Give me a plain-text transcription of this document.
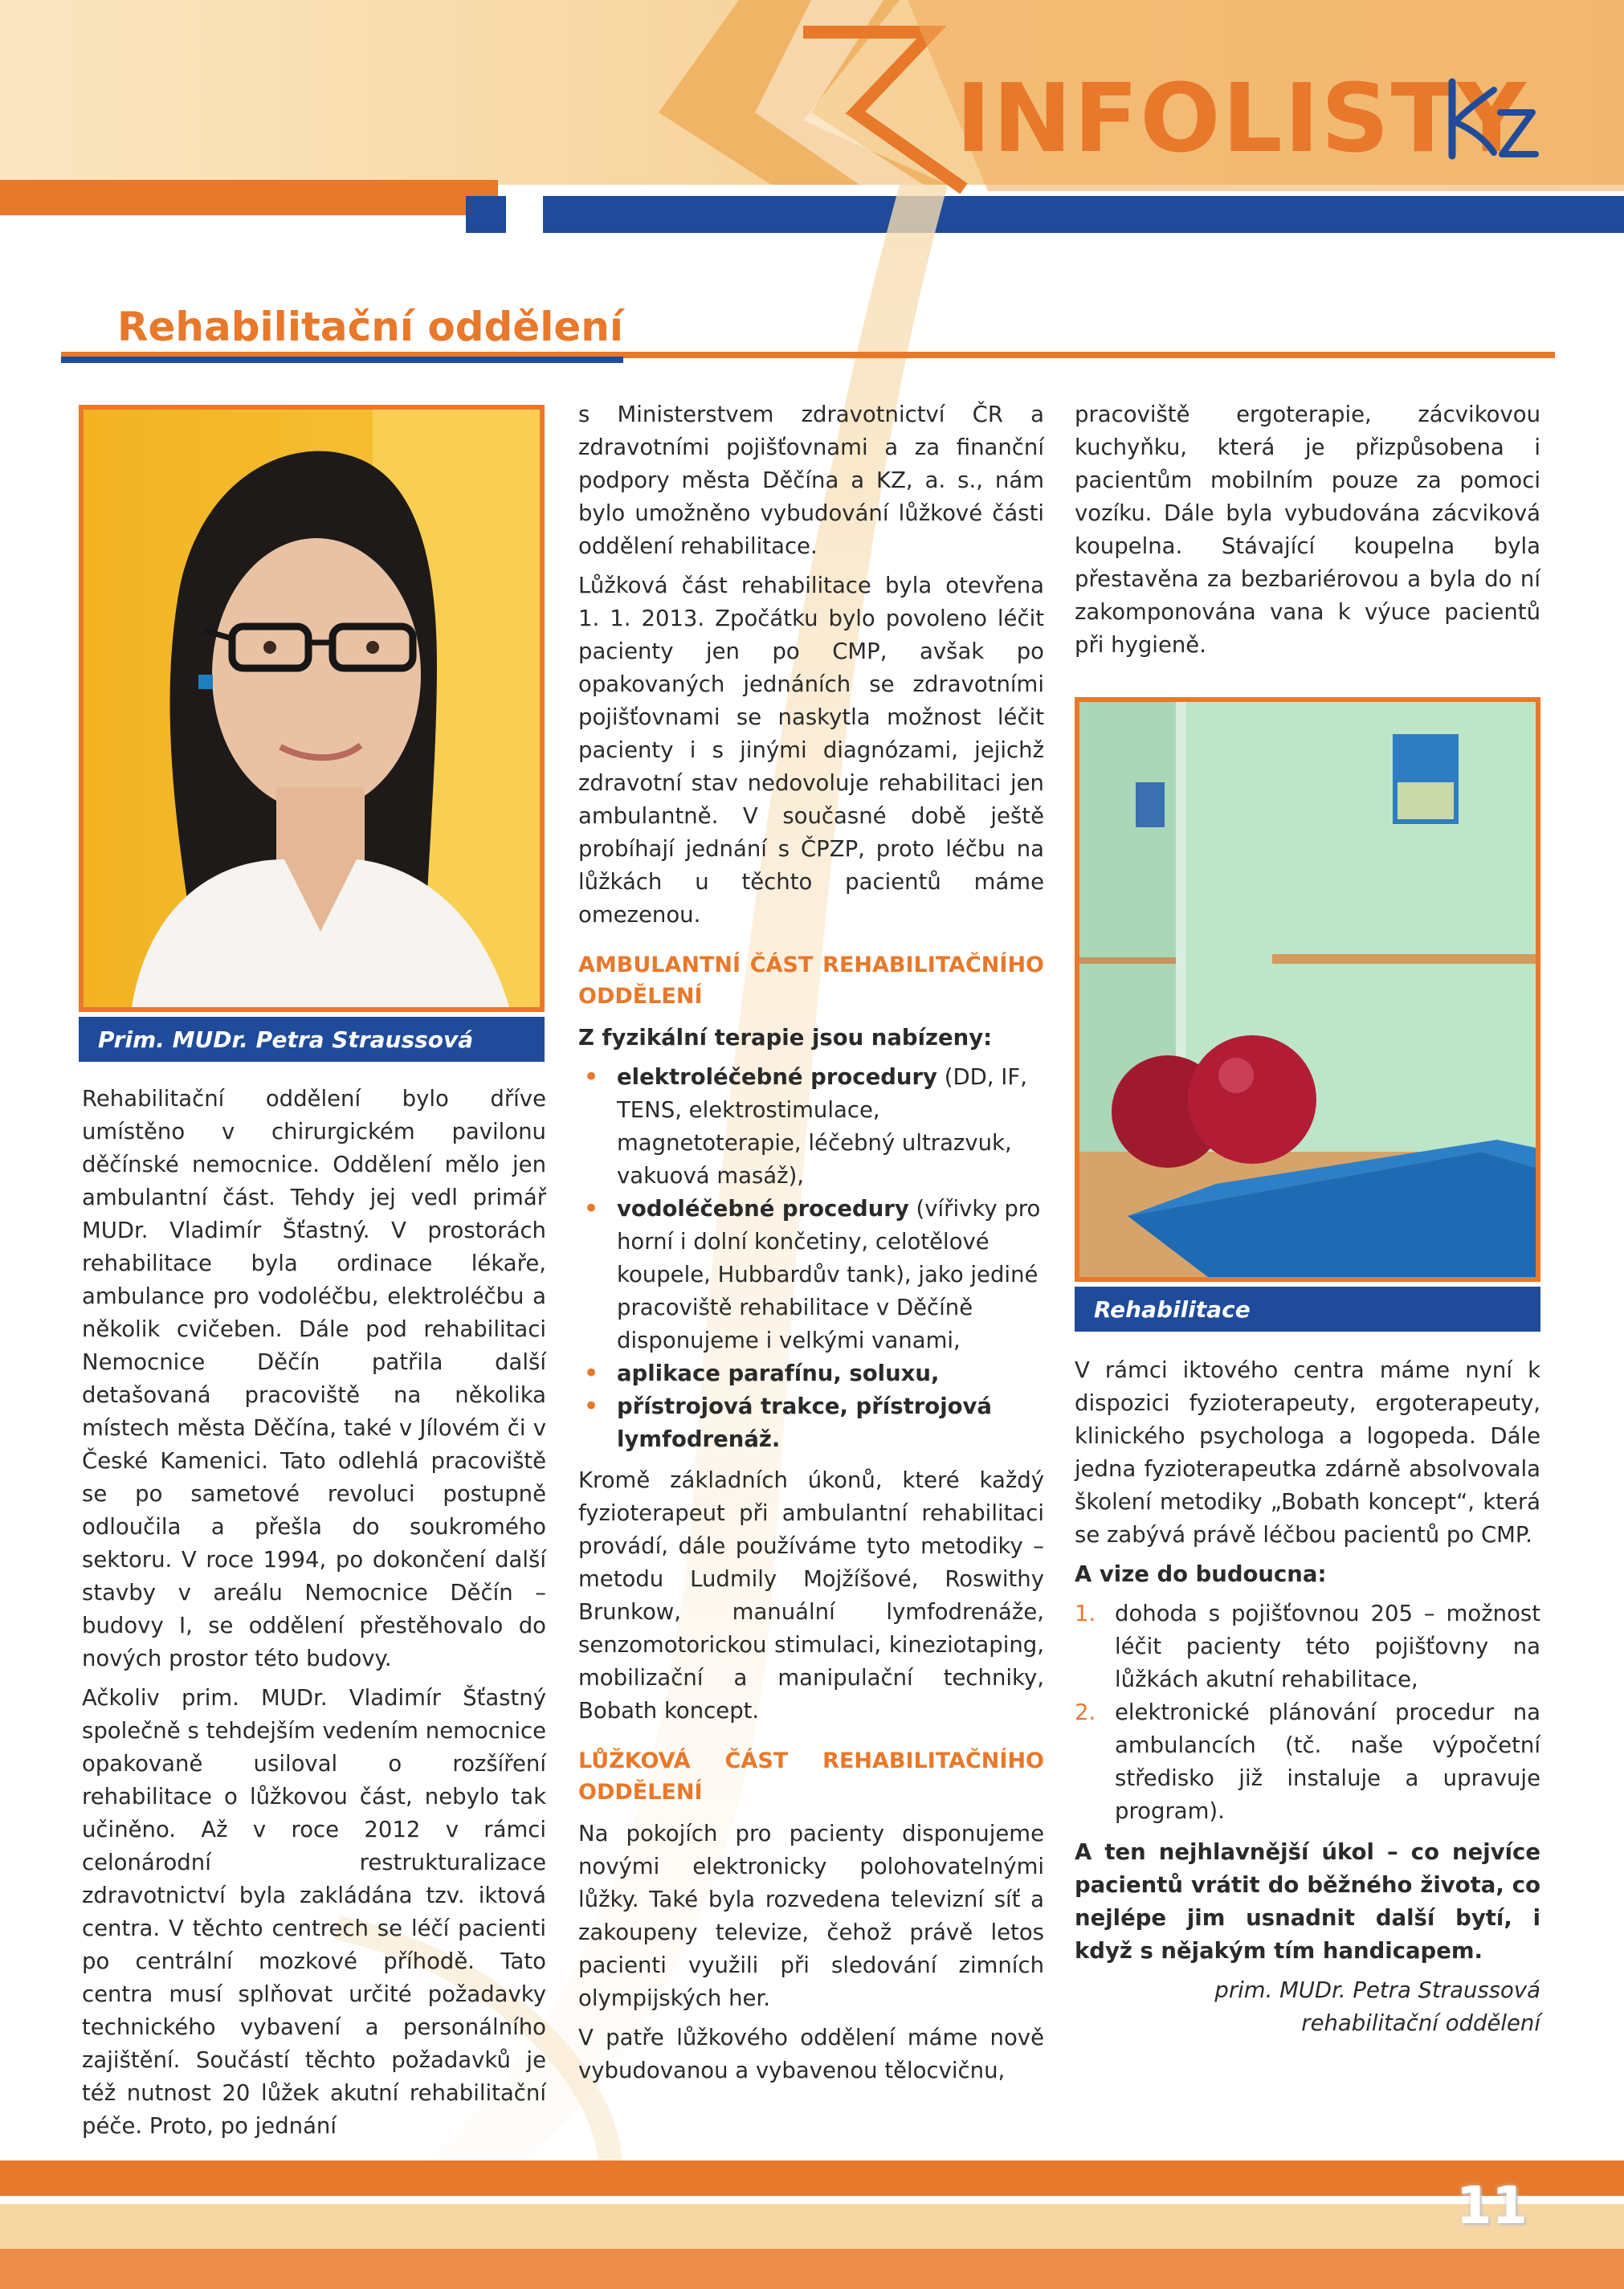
INFOLISTY
Rehabilitační oddělení
Prim. MUDr. Petra Straussová

Rehabilitační oddělení bylo dříve umístěno v chirurgickém pavilonu děčínské nemocnice. Oddělení mělo jen ambulantní část. Tehdy jej vedl primář MUDr. Vladimír Šťastný. V prostorách rehabilitace byla ordinace lékaře, ambulance pro vodoléčbu, elektroléčbu a několik cvičeben. Dále pod rehabilitaci Nemocnice Děčín patřila další detašovaná pracoviště na několika místech města Děčína, také v Jílovém či v České Kamenici. Tato odlehlá pracoviště se po sametové revoluci postupně odloučila a přešla do soukromého sektoru. V roce 1994, po dokončení další stavby v areálu Nemocnice Děčín – budovy I, se oddělení přestěhovalo do nových prostor této budovy.

Ačkoliv prim. MUDr. Vladimír Šťastný společně s tehdejším vedením nemocnice opakovaně usiloval o rozšíření rehabilitace o lůžkovou část, nebylo tak učiněno. Až v roce 2012 v rámci celonárodní restrukturalizace zdravotnictví byla zakládána tzv. iktová centra. V těchto centrech se léčí pacienti po centrální mozkové příhodě. Tato centra musí splňovat určité požadavky technického vybavení a personálního zajištění. Součástí těchto požadavků je též nutnost 20 lůžek akutní rehabilitační péče. Proto, po jednání

s Ministerstvem zdravotnictví ČR a zdravotními pojišťovnami a za finanční podpory města Děčína a KZ, a. s., nám bylo umožněno vybudování lůžkové části oddělení rehabilitace.

Lůžková část rehabilitace byla otevřena 1. 1. 2013. Zpočátku bylo povoleno léčit pacienty jen po CMP, avšak po opakovaných jednáních se zdravotními pojišťovnami se naskytla možnost léčit pacienty i s jinými diagnózami, jejichž zdravotní stav nedovoluje rehabilitaci jen ambulantně. V současné době ještě probíhají jednání s ČPZP, proto léčbu na lůžkách u těchto pacientů máme omezenou.

AMBULANTNÍ ČÁST REHABILITAČNÍHO ODDĚLENÍ

Z fyzikální terapie jsou nabízeny:

• elektroléčebné procedury (DD, IF, TENS, elektrostimulace, magnetoterapie, léčebný ultrazvuk, vakuová masáž),
• vodoléčebné procedury (vířivky pro horní i dolní končetiny, celotělové koupele, Hubbardův tank), jako jediné pracoviště rehabilitace v Děčíně disponujeme i velkými vanami,
• aplikace parafínu, soluxu,
• přístrojová trakce, přístrojová lymfodrenáž.

Kromě základních úkonů, které každý fyzioterapeut při ambulantní rehabilitaci provádí, dále používáme tyto metodiky – metodu Ludmily Mojžíšové, Roswithy Brunkow, manuální lymfodrenáže, senzomotorickou stimulaci, kineziotaping, mobilizační a manipulační techniky, Bobath koncept.

LŮŽKOVÁ ČÁST REHABILITAČNÍHO ODDĚLENÍ

Na pokojích pro pacienty disponujeme novými elektronicky polohovatelnými lůžky. Také byla rozvedena televizní síť a zakoupeny televize, čehož právě letos pacienti využili při sledování zimních olympijských her.

V patře lůžkového oddělení máme nově vybudovanou a vybavenou tělocvičnu,

pracoviště ergoterapie, zácvikovou kuchyňku, která je přizpůsobena i pacientům mobilním pouze za pomoci vozíku. Dále byla vybudována zácviková koupelna. Stávající koupelna byla přestavěna za bezbariérovou a byla do ní zakomponována vana k výuce pacientů při hygieně.

Rehabilitace

V rámci iktového centra máme nyní k dispozici fyzioterapeuty, ergoterapeuty, klinického psychologa a logopeda. Dále jedna fyzioterapeutka zdárně absolvovala školení metodiky „Bobath koncept“, která se zabývá právě léčbou pacientů po CMP.

A vize do budoucna:

1. dohoda s pojišťovnou 205 – možnost léčit pacienty této pojišťovny na lůžkách akutní rehabilitace,
2. elektronické plánování procedur na ambulancích (tč. naše výpočetní středisko již instaluje a upravuje program).

A ten nejhlavnější úkol – co nejvíce pacientů vrátit do běžného života, co nejlépe jim usnadnit další bytí, i když s nějakým tím handicapem.

prim. MUDr. Petra Straussová
rehabilitační oddělení
11
